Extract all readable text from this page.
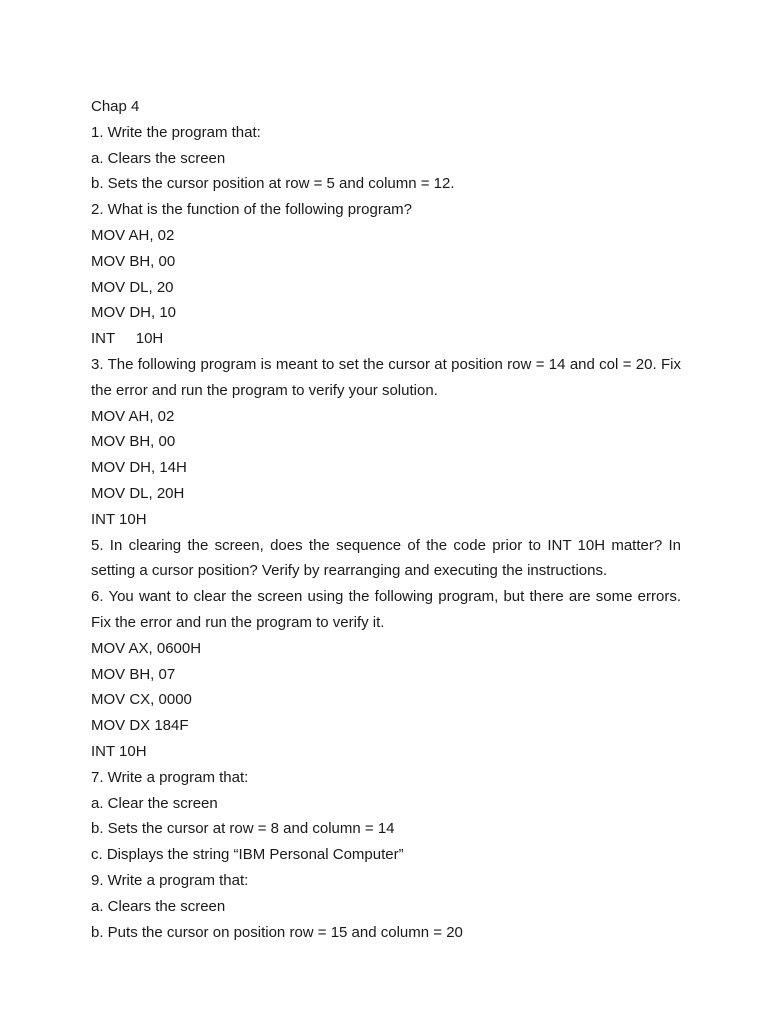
Chap 4

1. Write the program that:

a. Clears the screen

b. Sets the cursor position at row = 5 and column = 12.

2. What is the function of the following program?

MOV AH, 02

MOV BH, 00

MOV DL, 20

MOV DH, 10

INT     10H

3. The following program is meant to set the cursor at position row = 14 and col = 20. Fix the error and run the program to verify your solution.

MOV AH, 02

MOV BH, 00

MOV DH, 14H

MOV DL, 20H

INT 10H

5. In clearing the screen, does the sequence of the code prior to INT 10H matter? In setting a cursor position? Verify by rearranging and executing the instructions.

6. You want to clear the screen using the following program, but there are some errors. Fix the error and run the program to verify it.

MOV AX, 0600H

MOV BH, 07

MOV CX, 0000

MOV DX 184F

INT 10H

7. Write a program that:

a. Clear the screen

b. Sets the cursor at row = 8 and column = 14

c. Displays the string “IBM Personal Computer”

9. Write a program that:

a. Clears the screen

b. Puts the cursor on position row = 15 and column = 20
